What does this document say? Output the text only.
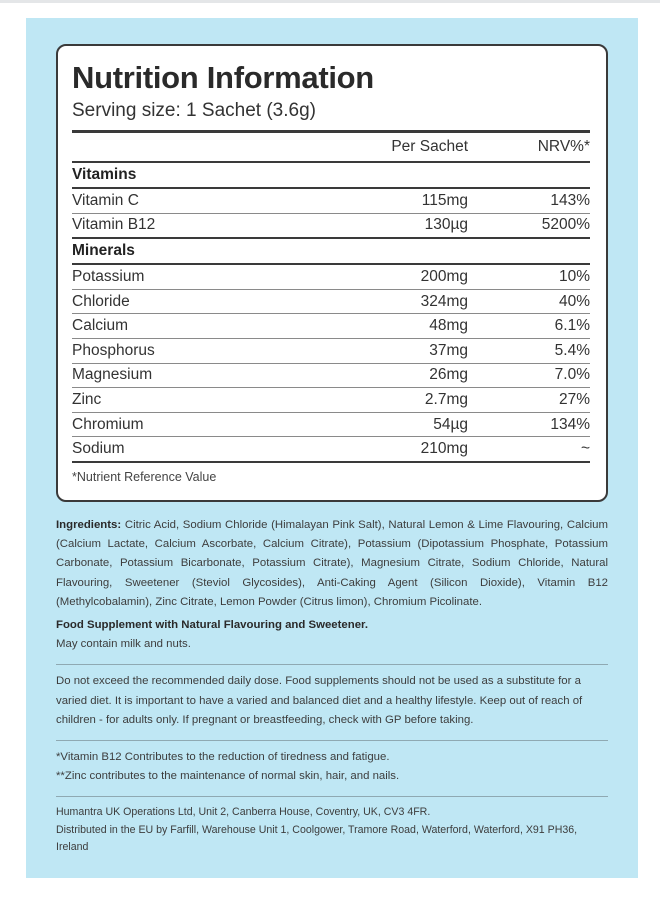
Nutrition Information
Serving size: 1 Sachet (3.6g)
Per Sachet	NRV%*
Vitamins
Vitamin C	115mg	143%
Vitamin B12	130µg	5200%
Minerals
Potassium	200mg	10%
Chloride	324mg	40%
Calcium	48mg	6.1%
Phosphorus	37mg	5.4%
Magnesium	26mg	7.0%
Zinc	2.7mg	27%
Chromium	54µg	134%
Sodium	210mg	~
*Nutrient Reference Value
Ingredients: Citric Acid, Sodium Chloride (Himalayan Pink Salt), Natural Lemon & Lime Flavouring, Calcium (Calcium Lactate, Calcium Ascorbate, Calcium Citrate), Potassium (Dipotassium Phosphate, Potassium Carbonate, Potassium Bicarbonate, Potassium Citrate), Magnesium Citrate, Sodium Chloride, Natural Flavouring, Sweetener (Steviol Glycosides), Anti-Caking Agent (Silicon Dioxide), Vitamin B12 (Methylcobalamin), Zinc Citrate, Lemon Powder (Citrus limon), Chromium Picolinate.
Food Supplement with Natural Flavouring and Sweetener.
May contain milk and nuts.
Do not exceed the recommended daily dose. Food supplements should not be used as a substitute for a varied diet. It is important to have a varied and balanced diet and a healthy lifestyle. Keep out of reach of children - for adults only. If pregnant or breastfeeding, check with GP before taking.
*Vitamin B12 Contributes to the reduction of tiredness and fatigue.
**Zinc contributes to the maintenance of normal skin, hair, and nails.
Humantra UK Operations Ltd, Unit 2, Canberra House, Coventry, UK, CV3 4FR.
Distributed in the EU by Farfill, Warehouse Unit 1, Coolgower, Tramore Road, Waterford, Waterford, X91 PH36, Ireland
